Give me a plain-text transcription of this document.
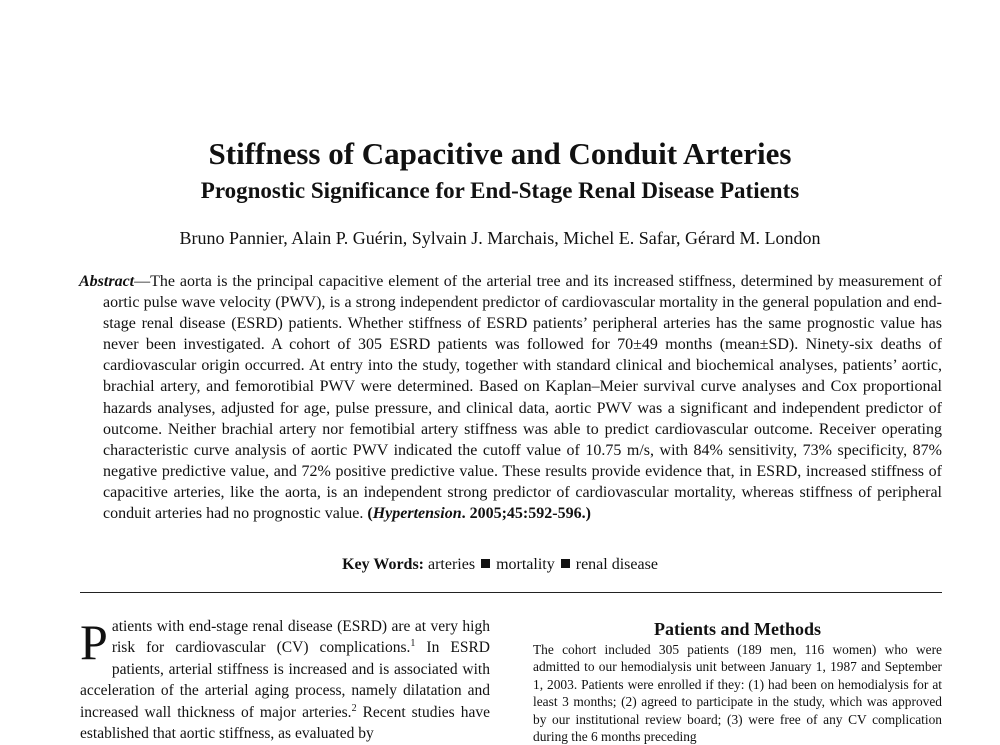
Stiffness of Capacitive and Conduit Arteries
Prognostic Significance for End-Stage Renal Disease Patients
Bruno Pannier, Alain P. Guérin, Sylvain J. Marchais, Michel E. Safar, Gérard M. London

Abstract—The aorta is the principal capacitive element of the arterial tree and its increased stiffness, determined by measurement of aortic pulse wave velocity (PWV), is a strong independent predictor of cardiovascular mortality in the general population and end-stage renal disease (ESRD) patients. Whether stiffness of ESRD patients’ peripheral arteries has the same prognostic value has never been investigated. A cohort of 305 ESRD patients was followed for 70±49 months (mean±SD). Ninety-six deaths of cardiovascular origin occurred. At entry into the study, together with standard clinical and biochemical analyses, patients’ aortic, brachial artery, and femorotibial PWV were determined. Based on Kaplan–Meier survival curve analyses and Cox proportional hazards analyses, adjusted for age, pulse pressure, and clinical data, aortic PWV was a significant and independent predictor of outcome. Neither brachial artery nor femotibial artery stiffness was able to predict cardiovascular outcome. Receiver operating characteristic curve analysis of aortic PWV indicated the cutoff value of 10.75 m/s, with 84% sensitivity, 73% specificity, 87% negative predictive value, and 72% positive predictive value. These results provide evidence that, in ESRD, increased stiffness of capacitive arteries, like the aorta, is an independent strong predictor of cardiovascular mortality, whereas stiffness of peripheral conduit arteries had no prognostic value. (Hypertension. 2005;45:592-596.)

Key Words: arteries mortality renal disease

Patients with end-stage renal disease (ESRD) are at very high risk for cardiovascular (CV) complications.$^1$ In ESRD patients, arterial stiffness is increased and is associated with acceleration of the arterial aging process, namely dilatation and increased wall thickness of major arteries.$^2$ Recent studies have established that aortic stiffness, as evaluated by

Patients and Methods

The cohort included 305 patients (189 men, 116 women) who were admitted to our hemodialysis unit between January 1, 1987 and September 1, 2003. Patients were enrolled if they: (1) had been on hemodialysis for at least 3 months; (2) agreed to participate in the study, which was approved by our institutional review board; (3) were free of any CV complication during the 6 months preceding
